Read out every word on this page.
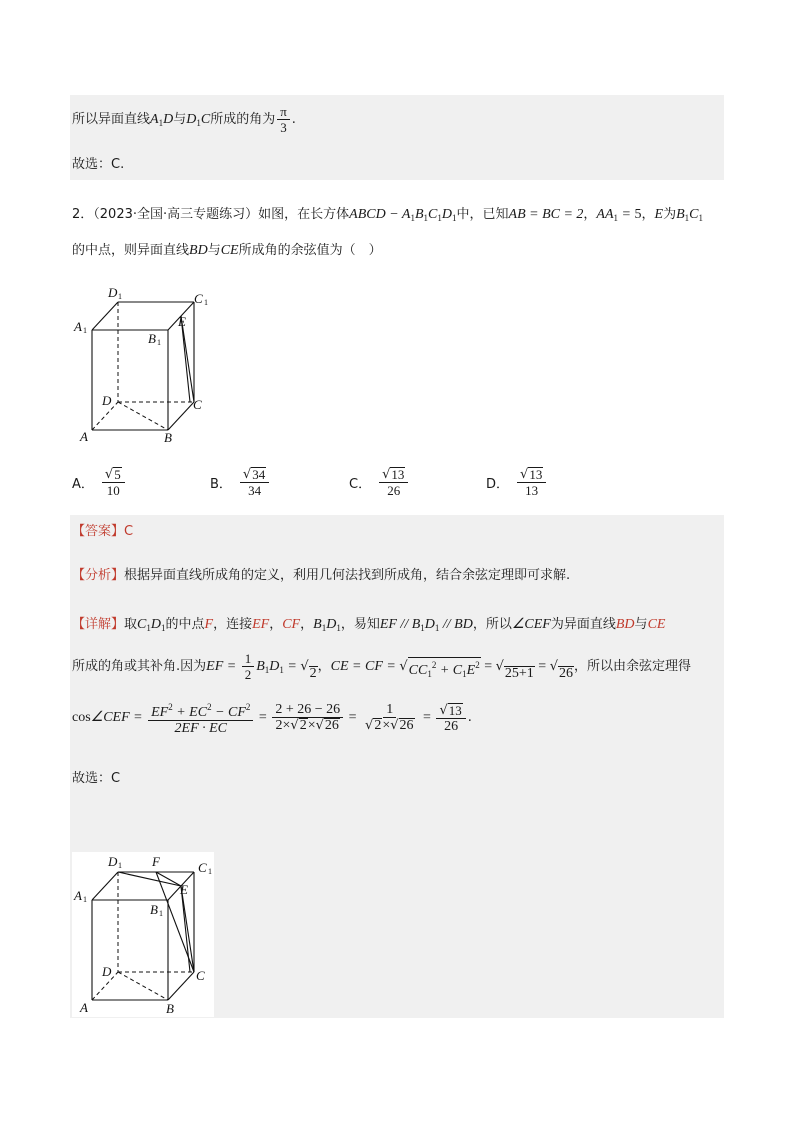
所以异面直线$A_1D$与$D_1C$所成的角为 $\frac{\pi}{3}$ .
故选：C.
2．（2023·全国·高三专题练习）如图，在长方体ABCD − $A_1B_1C_1D_1$中，已知AB = BC = 2，$AA_1 = 5$，E为$B_1C_1$
的中点，则异面直线BD与CE所成角的余弦值为（　）
D 1	C 1
A 1
E
B 1
D	C
A	B
A． $\frac{√ 5}{10}$	B． $\frac{√ 34}{34}$	C． $\frac{√ 13}{26}$	D． $\frac{√ 13}{13}$
【答案】C
【分析】根据异面直线所成角的定义，利用几何法找到所成角，结合余弦定理即可求解.
【详解】取$C_1D_1$的中点F，连接EF，CF，$B_1D_1$，易知EF // $B_1D_1$ // BD，所以∠CEF为异面直线BD与CE
所成的角或其补角.因为EF = $\frac{1}{2} B_1D_1$ = √ 2 ，CE = CF = √ $CC_1^2 + C_1E^2$ = √ 25+1 = √ 26 ，所以由余弦定理得
cos∠CEF = $\frac{EF^2 + EC^2 - CF^2}{2EF \cdot EC} = \frac{2 + 26 - 26}{2\times √ 2 \times √ 26} = \frac{1}{√ 2 \times √ 26} = \frac{√ 13}{26}$ .
故选：C
D 1 F	C 1
E
A 1
B 1
D	C
A	B
